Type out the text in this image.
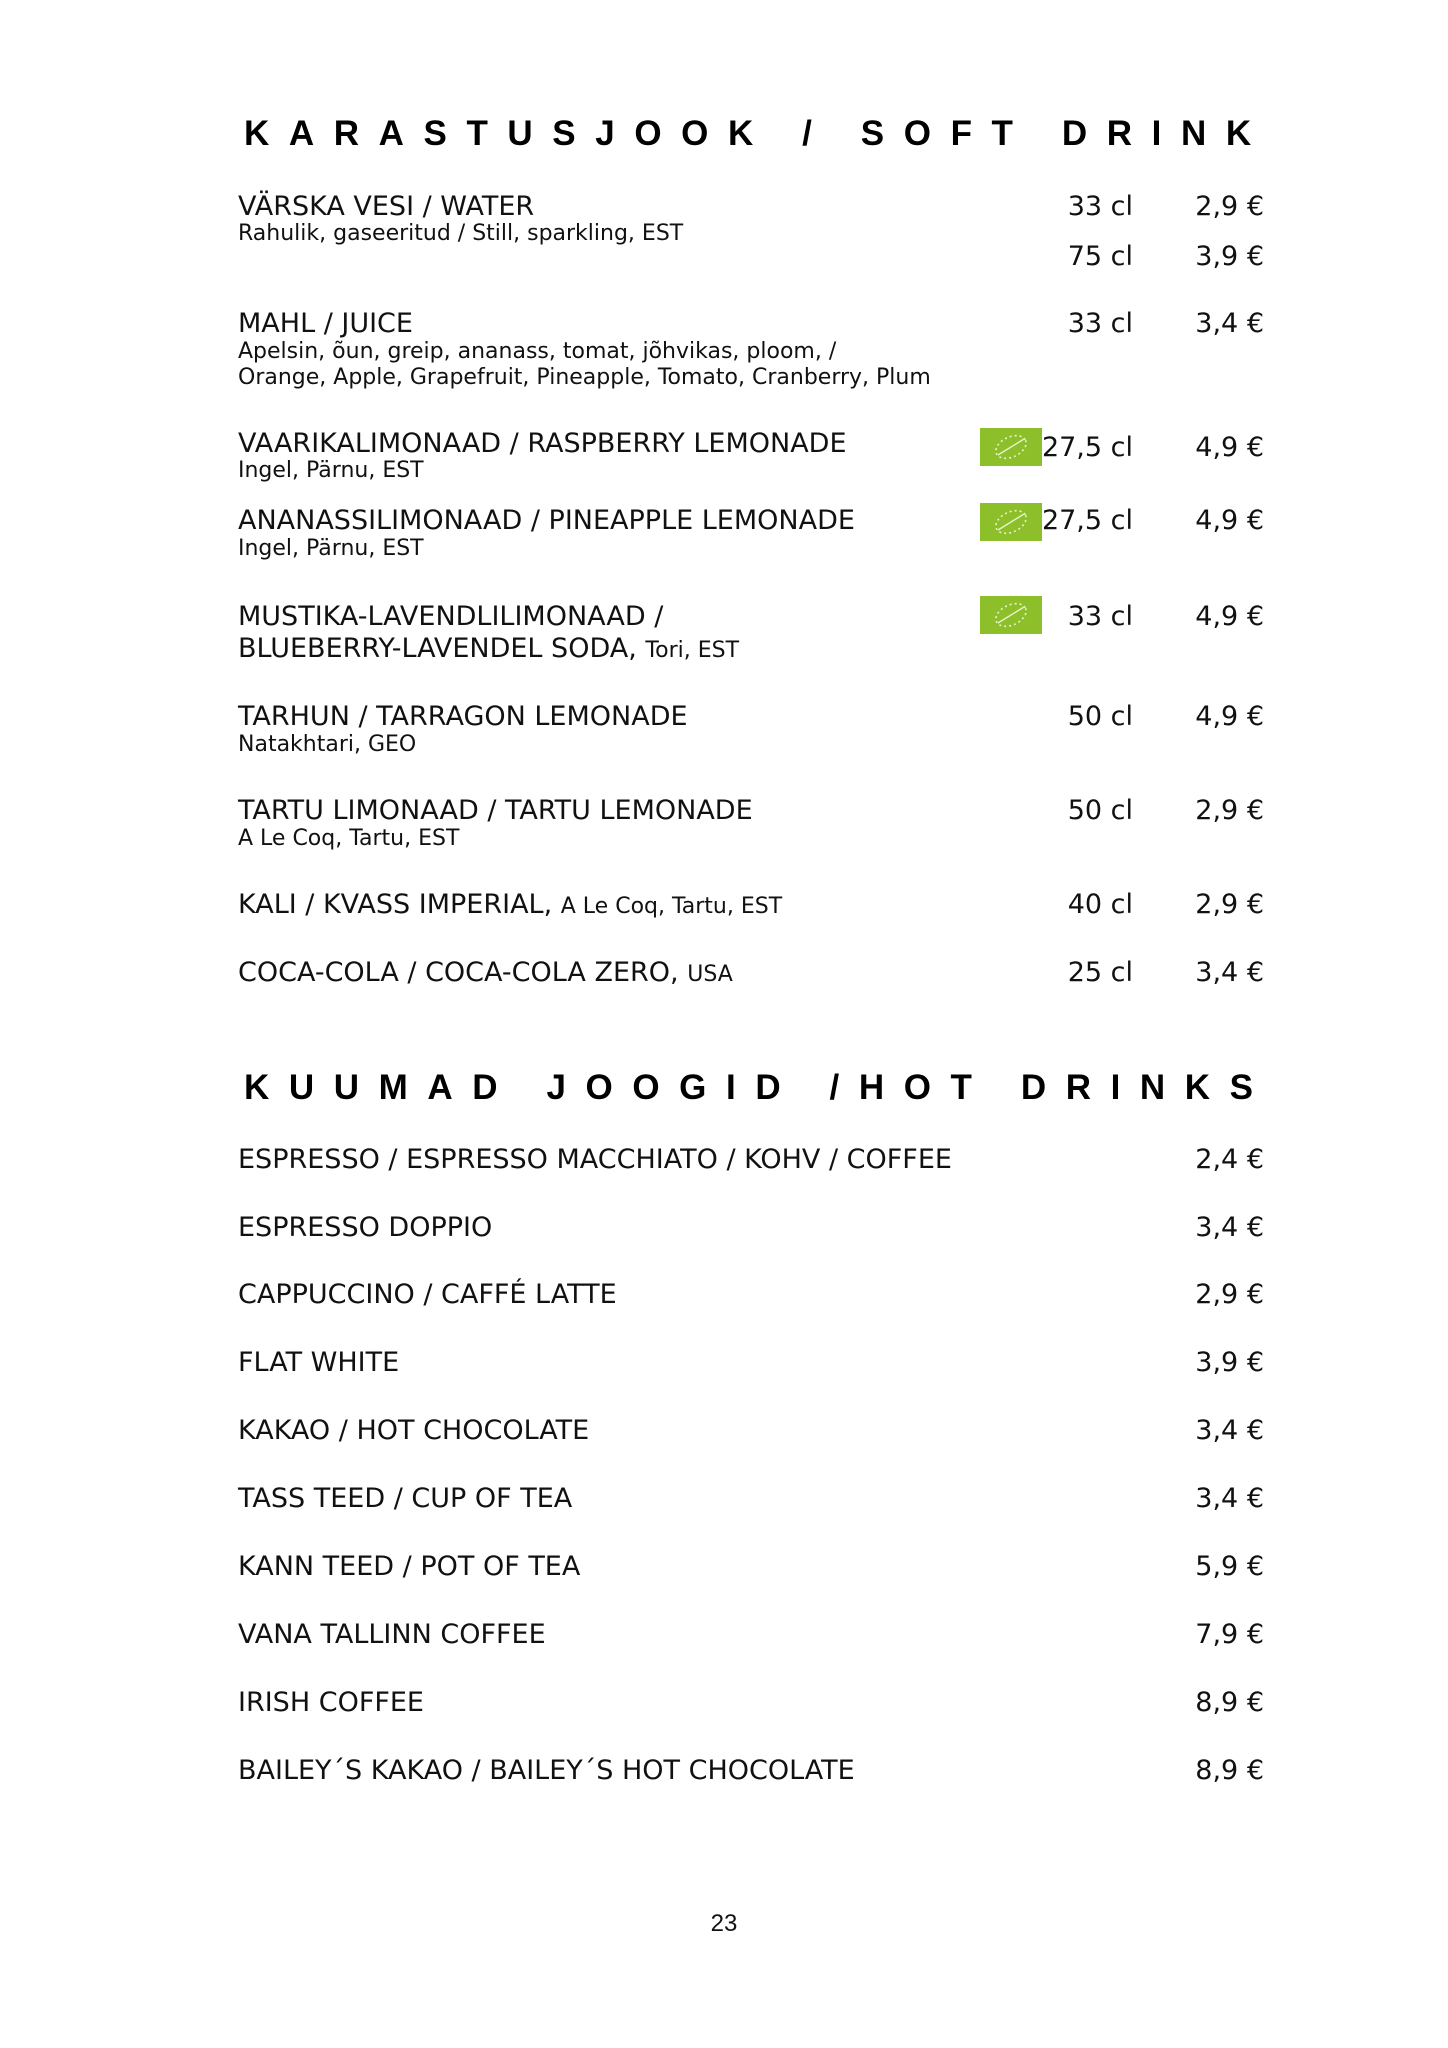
KARASTUSJOOK / SOFT DRINK
VÄRSKA VESI / WATER
Rahulik, gaseeritud / Still, sparkling, EST
33 cl	2,9 €
75 cl	3,9 €
MAHL / JUICE
Apelsin, õun, greip, ananass, tomat, jõhvikas, ploom, /
Orange, Apple, Grapefruit, Pineapple, Tomato, Cranberry, Plum
33 cl	3,4 €
VAARIKALIMONAAD / RASPBERRY LEMONADE
Ingel, Pärnu, EST
27,5 cl	4,9 €
ANANASSILIMONAAD / PINEAPPLE LEMONADE
Ingel, Pärnu, EST
27,5 cl	4,9 €
MUSTIKA-LAVENDLILIMONAAD /
BLUEBERRY-LAVENDEL SODA, Tori, EST
33 cl	4,9 €
TARHUN / TARRAGON LEMONADE
Natakhtari, GEO
50 cl	4,9 €
TARTU LIMONAAD / TARTU LEMONADE
A Le Coq, Tartu, EST
50 cl	2,9 €
KALI / KVASS IMPERIAL, A Le Coq, Tartu, EST	40 cl	2,9 €
COCA-COLA / COCA-COLA ZERO, USA	25 cl	3,4 €
KUUMAD JOOGID /HOT DRINKS
ESPRESSO / ESPRESSO MACCHIATO / KOHV / COFFEE	2,4 €
ESPRESSO DOPPIO	3,4 €
CAPPUCCINO / CAFFÉ LATTE	2,9 €
FLAT WHITE	3,9 €
KAKAO / HOT CHOCOLATE	3,4 €
TASS TEED / CUP OF TEA	3,4 €
KANN TEED / POT OF TEA	5,9 €
VANA TALLINN COFFEE	7,9 €
IRISH COFFEE	8,9 €
BAILEY´S KAKAO / BAILEY´S HOT CHOCOLATE	8,9 €
23
